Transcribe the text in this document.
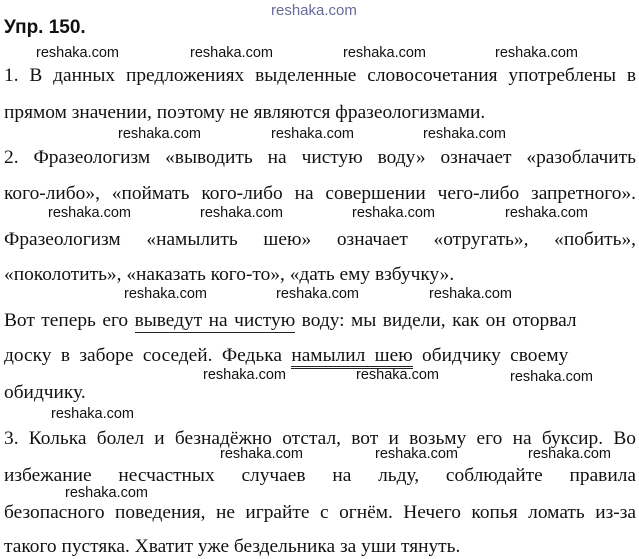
reshaka.com
reshaka.com	reshaka.com	reshaka.com	reshaka.com
reshaka.com	reshaka.com	reshaka.com
reshaka.com	reshaka.com	reshaka.com	reshaka.com
reshaka.com	reshaka.com	reshaka.com
reshaka.com	reshaka.com	reshaka.com
reshaka.com
reshaka.com	reshaka.com	reshaka.com
reshaka.com
Упр. 150.
1. В данных предложениях выделенные словосочетания употреблены в
прямом значении, поэтому не являются фразеологизмами.
2. Фразеологизм «выводить на чистую воду» означает «разоблачить
кого-либо», «поймать кого-либо на совершении чего-либо запретного».
Фразеологизм «намылить шею» означает «отругать», «побить»,
«поколотить», «наказать кого-то», «дать ему взбучку».
Вот теперь его выведут на чистую воду: мы видели, как он оторвал
доску в заборе соседей. Федька намылил шею обидчику своему
обидчику.
3. Колька болел и безнадёжно отстал, вот и возьму его на буксир. Во
избежание несчастных случаев на льду, соблюдайте правила
безопасного поведения, не играйте с огнём. Нечего копья ломать из-за
такого пустяка. Хватит уже бездельника за уши тянуть.
